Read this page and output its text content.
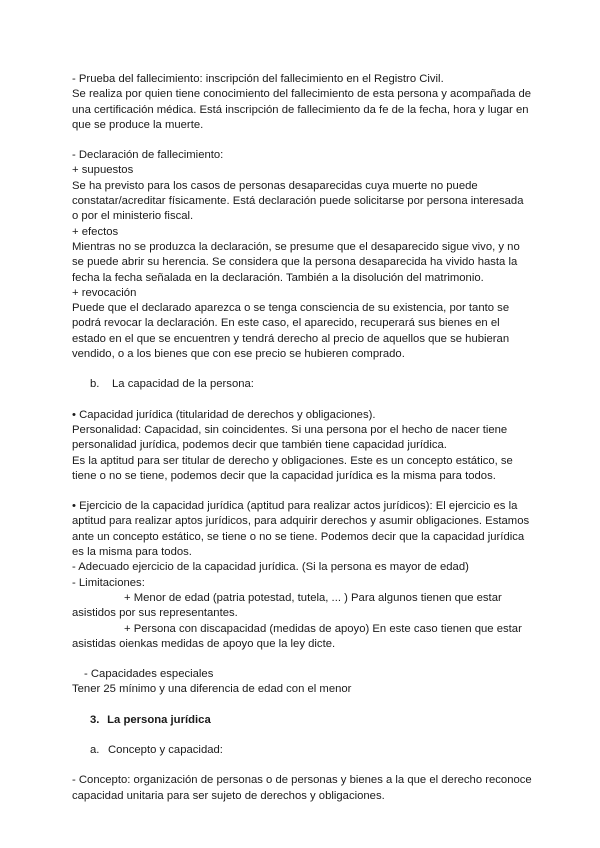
- Prueba del fallecimiento: inscripción del fallecimiento en el Registro Civil.

Se realiza por quien tiene conocimiento del fallecimiento de esta persona y acompañada de una certificación médica. Está inscripción de fallecimiento da fe de la fecha, hora y lugar en que se produce la muerte.

- Declaración de fallecimiento:

+ supuestos

Se ha previsto para los casos de personas desaparecidas cuya muerte no puede constatar/acreditar físicamente. Está declaración puede solicitarse por persona interesada o por el ministerio fiscal.

+ efectos

Mientras no se produzca la declaración, se presume que el desaparecido sigue vivo, y no se puede abrir su herencia. Se considera que la persona desaparecida ha vivido hasta la fecha la fecha señalada en la declaración. También a la disolución del matrimonio.

+ revocación

Puede que el declarado aparezca o se tenga consciencia de su existencia, por tanto se podrá revocar la declaración. En este caso, el aparecido, recuperará sus bienes en el estado en el que se encuentren y tendrá derecho al precio de aquellos que se hubieran vendido, o a los bienes que con ese precio se hubieren comprado.

b. La capacidad de la persona:

• Capacidad jurídica (titularidad de derechos y obligaciones).

Personalidad: Capacidad, sin coincidentes. Si una persona por el hecho de nacer tiene personalidad jurídica, podemos decir que también tiene capacidad jurídica.

Es la aptitud para ser titular de derecho y obligaciones. Este es un concepto estático, se tiene o no se tiene, podemos decir que la capacidad jurídica es la misma para todos.

• Ejercicio de la capacidad jurídica (aptitud para realizar actos jurídicos): El ejercicio es la aptitud para realizar aptos jurídicos, para adquirir derechos y asumir obligaciones. Estamos ante un concepto estático, se tiene o no se tiene. Podemos decir que la capacidad jurídica es la misma para todos.

- Adecuado ejercicio de la capacidad jurídica. (Si la persona es mayor de edad)

- Limitaciones:

+ Menor de edad (patria potestad, tutela, ... ) Para algunos tienen que estar

asistidos por sus representantes.

+ Persona con discapacidad (medidas de apoyo) En este caso tienen que estar

asistidas oienkas medidas de apoyo que la ley dicte.

- Capacidades especiales

Tener 25 mínimo y una diferencia de edad con el menor

3. La persona jurídica

a. Concepto y capacidad:

- Concepto: organización de personas o de personas y bienes a la que el derecho reconoce capacidad unitaria para ser sujeto de derechos y obligaciones.
